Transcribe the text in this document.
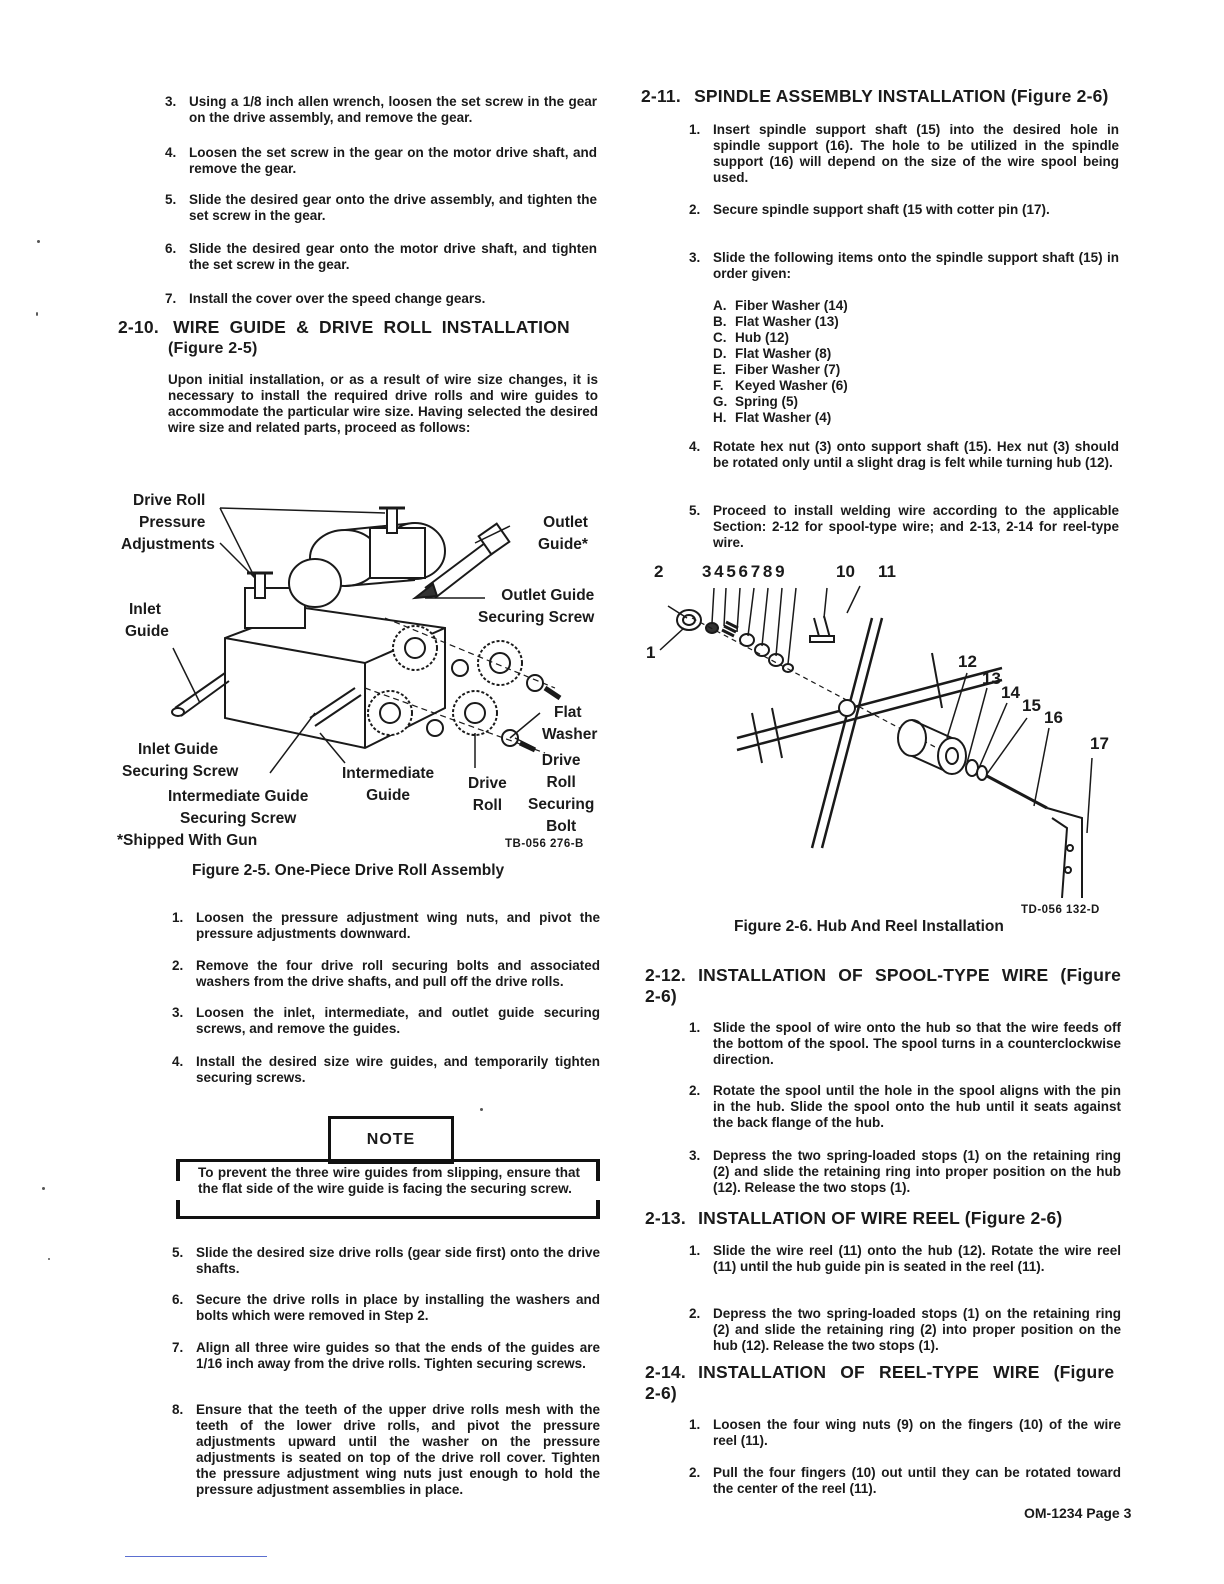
3. Using a 1/8 inch allen wrench, loosen the set screw in the gear on the drive assembly, and remove the gear.
4. Loosen the set screw in the gear on the motor drive shaft, and remove the gear.
5. Slide the desired gear onto the drive assembly, and tighten the set screw in the gear.
6. Slide the desired gear onto the motor drive shaft, and tighten the set screw in the gear.
7. Install the cover over the speed change gears.
2-10. WIRE GUIDE & DRIVE ROLL INSTALLATION
(Figure 2-5)
Upon initial installation, or as a result of wire size changes, it is necessary to install the required drive rolls and wire guides to accommodate the particular wire size. Having selected the desired wire size and related parts, proceed as follows:
Drive Roll
Pressure
Adjustments
Outlet
Guide*
Outlet Guide
Securing Screw
Inlet
Guide
Flat
Washer
Inlet Guide
Securing Screw
Drive
Roll
Securing
Bolt
Drive
Roll
Intermediate
Guide
Intermediate Guide
Securing Screw
*Shipped With Gun	TB-056 276-B
Figure 2-5. One-Piece Drive Roll Assembly
1. Loosen the pressure adjustment wing nuts, and pivot the pressure adjustments downward.
2. Remove the four drive roll securing bolts and associated washers from the drive shafts, and pull off the drive rolls.
3. Loosen the inlet, intermediate, and outlet guide securing screws, and remove the guides.
4. Install the desired size wire guides, and temporarily tighten securing screws.
NOTE
To prevent the three wire guides from slipping, ensure that the flat side of the wire guide is facing the securing screw.
5. Slide the desired size drive rolls (gear side first) onto the drive shafts.
6. Secure the drive rolls in place by installing the washers and bolts which were removed in Step 2.
7. Align all three wire guides so that the ends of the guides are 1/16 inch away from the drive rolls. Tighten securing screws.
8. Ensure that the teeth of the upper drive rolls mesh with the teeth of the lower drive rolls, and pivot the pressure adjustments upward until the washer on the pressure adjustments is seated on top of the drive roll cover. Tighten the pressure adjustment wing nuts just enough to hold the pressure adjustment assemblies in place.
2-11. SPINDLE ASSEMBLY INSTALLATION (Figure 2-6)
1. Insert spindle support shaft (15) into the desired hole in spindle support (16). The hole to be utilized in the spindle support (16) will depend on the size of the wire spool being used.
2. Secure spindle support shaft (15 with cotter pin (17).
3. Slide the following items onto the spindle support shaft (15) in order given:
A. Fiber Washer (14)
B. Flat Washer (13)
C. Hub (12)
D. Flat Washer (8)
E. Fiber Washer (7)
F. Keyed Washer (6)
G. Spring (5)
H. Flat Washer (4)
4. Rotate hex nut (3) onto support shaft (15). Hex nut (3) should be rotated only until a slight drag is felt while turning hub (12).
5. Proceed to install welding wire according to the applicable Section: 2-12 for spool-type wire; and 2-13, 2-14 for reel-type wire.
2 3 4 5 6 7 8 9	10 11
1	12
13
14
15
16
17
TD-056 132-D
Figure 2-6. Hub And Reel Installation
2-12. INSTALLATION OF SPOOL-TYPE WIRE (Figure 2-6)
1. Slide the spool of wire onto the hub so that the wire feeds off the bottom of the spool. The spool turns in a counterclockwise direction.
2. Rotate the spool until the hole in the spool aligns with the pin in the hub. Slide the spool onto the hub until it seats against the back flange of the hub.
3. Depress the two spring-loaded stops (1) on the retaining ring (2) and slide the retaining ring into proper position on the hub (12). Release the two stops (1).
2-13. INSTALLATION OF WIRE REEL (Figure 2-6)
1. Slide the wire reel (11) onto the hub (12). Rotate the wire reel (11) until the hub guide pin is seated in the reel (11).
2. Depress the two spring-loaded stops (1) on the retaining ring (2) and slide the retaining ring (2) into proper position on the hub (12). Release the two stops (1).
2-14. INSTALLATION OF REEL-TYPE WIRE (Figure 2-6)
1. Loosen the four wing nuts (9) on the fingers (10) of the wire reel (11).
2. Pull the four fingers (10) out until they can be rotated toward the center of the reel (11).
OM-1234 Page 3
